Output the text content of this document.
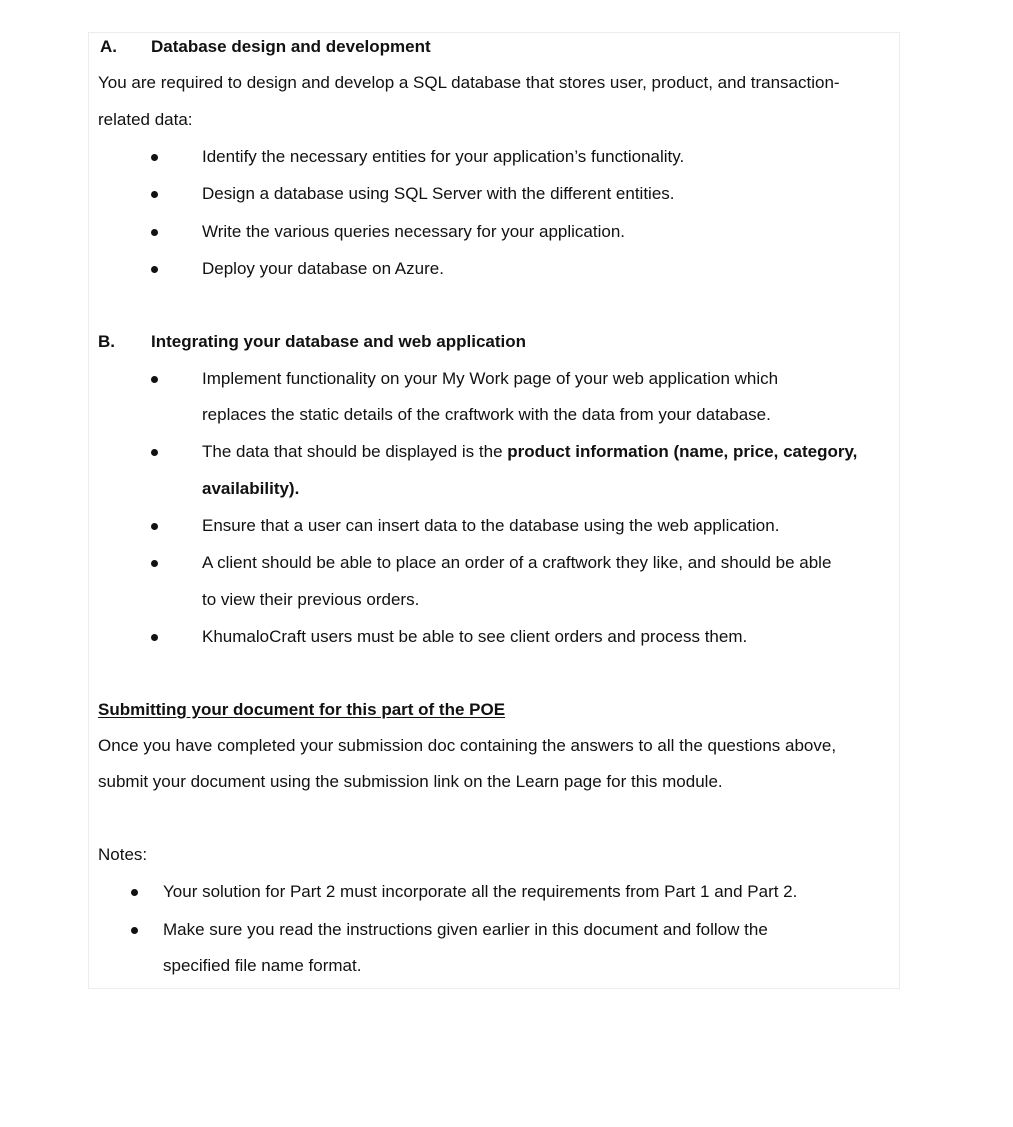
A. Database design and development

You are required to design and develop a SQL database that stores user, product, and transaction-

related data:

Identify the necessary entities for your application’s functionality.

Design a database using SQL Server with the different entities.

Write the various queries necessary for your application.

Deploy your database on Azure.

B. Integrating your database and web application

Implement functionality on your My Work page of your web application which

replaces the static details of the craftwork with the data from your database.

The data that should be displayed is the product information (name, price, category,

availability).

Ensure that a user can insert data to the database using the web application.

A client should be able to place an order of a craftwork they like, and should be able

to view their previous orders.

KhumaloCraft users must be able to see client orders and process them.

Submitting your document for this part of the POE

Once you have completed your submission doc containing the answers to all the questions above,

submit your document using the submission link on the Learn page for this module.

Notes:

Your solution for Part 2 must incorporate all the requirements from Part 1 and Part 2.

Make sure you read the instructions given earlier in this document and follow the

specified file name format.
